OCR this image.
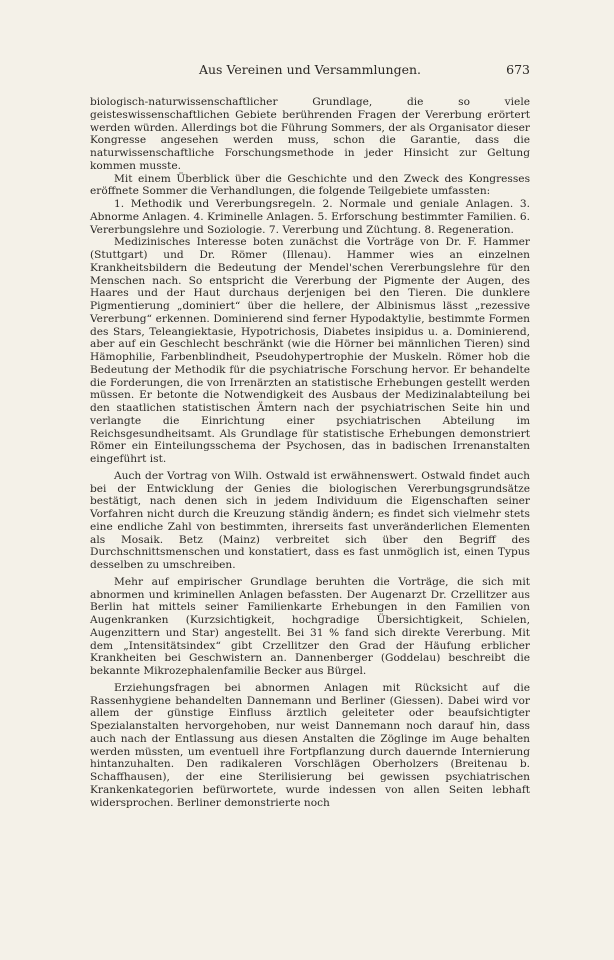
Aus Vereinen und Versammlungen.	673

biologisch-naturwissenschaftlicher Grundlage, die so viele geisteswissenschaftlichen Gebiete berührenden Fragen der Vererbung erörtert werden würden. Allerdings bot die Führung Sommers, der als Organisator dieser Kongresse angesehen werden muss, schon die Garantie, dass die naturwissenschaftliche Forschungsmethode in jeder Hinsicht zur Geltung kommen musste.

Mit einem Überblick über die Geschichte und den Zweck des Kongresses eröffnete Sommer die Verhandlungen, die folgende Teilgebiete umfassten:

1. Methodik und Vererbungsregeln. 2. Normale und geniale Anlagen. 3. Abnorme Anlagen. 4. Kriminelle Anlagen. 5. Erforschung bestimmter Familien. 6. Vererbungslehre und Soziologie. 7. Vererbung und Züchtung. 8. Regeneration.

Medizinisches Interesse boten zunächst die Vorträge von Dr. F. Hammer (Stuttgart) und Dr. Römer (Illenau). Hammer wies an einzelnen Krankheitsbildern die Bedeutung der Mendel'schen Vererbungslehre für den Menschen nach. So entspricht die Vererbung der Pigmente der Augen, des Haares und der Haut durchaus derjenigen bei den Tieren. Die dunklere Pigmentierung „dominiert“ über die hellere, der Albinismus lässt „rezessive Vererbung“ erkennen. Dominierend sind ferner Hypodaktylie, bestimmte Formen des Stars, Teleangiektasie, Hypotrichosis, Diabetes insipidus u. a. Dominierend, aber auf ein Geschlecht beschränkt (wie die Hörner bei männlichen Tieren) sind Hämophilie, Farbenblindheit, Pseudohypertrophie der Muskeln. Römer hob die Bedeutung der Methodik für die psychiatrische Forschung hervor. Er behandelte die Forderungen, die von Irrenärzten an statistische Erhebungen gestellt werden müssen. Er betonte die Notwendigkeit des Ausbaus der Medizinalabteilung bei den staatlichen statistischen Ämtern nach der psychiatrischen Seite hin und verlangte die Einrichtung einer psychiatrischen Abteilung im Reichsgesundheitsamt. Als Grundlage für statistische Erhebungen demonstriert Römer ein Einteilungsschema der Psychosen, das in badischen Irrenanstalten eingeführt ist.

Auch der Vortrag von Wilh. Ostwald ist erwähnenswert. Ostwald findet auch bei der Entwicklung der Genies die biologischen Vererbungsgrundsätze bestätigt, nach denen sich in jedem Individuum die Eigenschaften seiner Vorfahren nicht durch die Kreuzung ständig ändern; es findet sich vielmehr stets eine endliche Zahl von bestimmten, ihrerseits fast unveränderlichen Elementen als Mosaik. Betz (Mainz) verbreitet sich über den Begriff des Durchschnittsmenschen und konstatiert, dass es fast unmöglich ist, einen Typus desselben zu umschreiben.

Mehr auf empirischer Grundlage beruhten die Vorträge, die sich mit abnormen und kriminellen Anlagen befassten. Der Augenarzt Dr. Crzellitzer aus Berlin hat mittels seiner Familienkarte Erhebungen in den Familien von Augenkranken (Kurzsichtigkeit, hochgradige Übersichtigkeit, Schielen, Augenzittern und Star) angestellt. Bei 31 % fand sich direkte Vererbung. Mit dem „Intensitätsindex“ gibt Crzellitzer den Grad der Häufung erblicher Krankheiten bei Geschwistern an. Dannenberger (Goddelau) beschreibt die bekannte Mikrozephalenfamilie Becker aus Bürgel.

Erziehungsfragen bei abnormen Anlagen mit Rücksicht auf die Rassenhygiene behandelten Dannemann und Berliner (Giessen). Dabei wird vor allem der günstige Einfluss ärztlich geleiteter oder beaufsichtigter Spezialanstalten hervorgehoben, nur weist Dannemann noch darauf hin, dass auch nach der Entlassung aus diesen Anstalten die Zöglinge im Auge behalten werden müssten, um eventuell ihre Fortpflanzung durch dauernde Internierung hintanzuhalten. Den radikaleren Vorschlägen Oberholzers (Breitenau b. Schaffhausen), der eine Sterilisierung bei gewissen psychiatrischen Krankenkategorien befürwortete, wurde indessen von allen Seiten lebhaft widersprochen. Berliner demonstrierte noch
